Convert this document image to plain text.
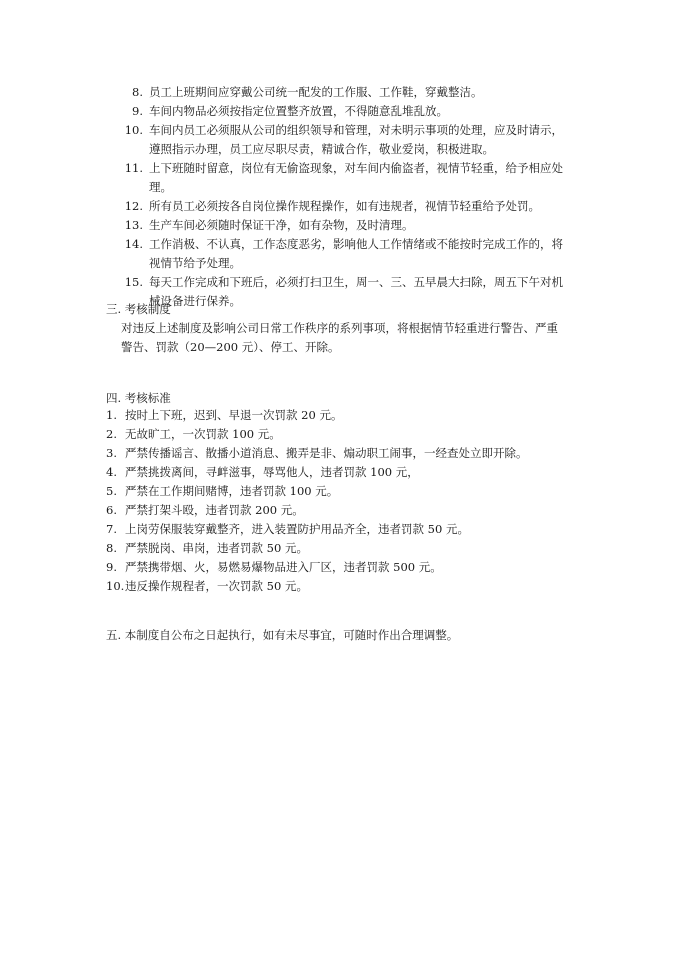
8. 员工上班期间应穿戴公司统一配发的工作服、工作鞋，穿戴整洁。
9. 车间内物品必须按指定位置整齐放置，不得随意乱堆乱放。
10. 车间内员工必须服从公司的组织领导和管理，对未明示事项的处理，应及时请示，
遵照指示办理，员工应尽职尽责，精诚合作，敬业爱岗，积极进取。
11. 上下班随时留意，岗位有无偷盗现象，对车间内偷盗者，视情节轻重，给予相应处
理。
12. 所有员工必须按各自岗位操作规程操作，如有违规者，视情节轻重给予处罚。
13. 生产车间必须随时保证干净，如有杂物，及时清理。
14. 工作消极、不认真，工作态度恶劣，影响他人工作情绪或不能按时完成工作的，将
视情节给予处理。
15. 每天工作完成和下班后，必须打扫卫生，周一、三、五早晨大扫除，周五下午对机
械设备进行保养。
三. 考核制度
对违反上述制度及影响公司日常工作秩序的系列事项，将根据情节轻重进行警告、严重
警告、罚款（20—200 元）、停工、开除。
四. 考核标准
1. 按时上下班，迟到、早退一次罚款 20 元。
2. 无故旷工，一次罚款 100 元。
3. 严禁传播谣言、散播小道消息、搬弄是非、煽动职工闹事，一经查处立即开除。
4. 严禁挑拨离间，寻衅滋事，辱骂他人，违者罚款 100 元，
5. 严禁在工作期间赌博，违者罚款 100 元。
6. 严禁打架斗殴，违者罚款 200 元。
7. 上岗劳保服装穿戴整齐，进入装置防护用品齐全，违者罚款 50 元。
8. 严禁脱岗、串岗，违者罚款 50 元。
9. 严禁携带烟、火，易燃易爆物品进入厂区，违者罚款 500 元。
10. 违反操作规程者，一次罚款 50 元。
五. 本制度自公布之日起执行，如有未尽事宜，可随时作出合理调整。
